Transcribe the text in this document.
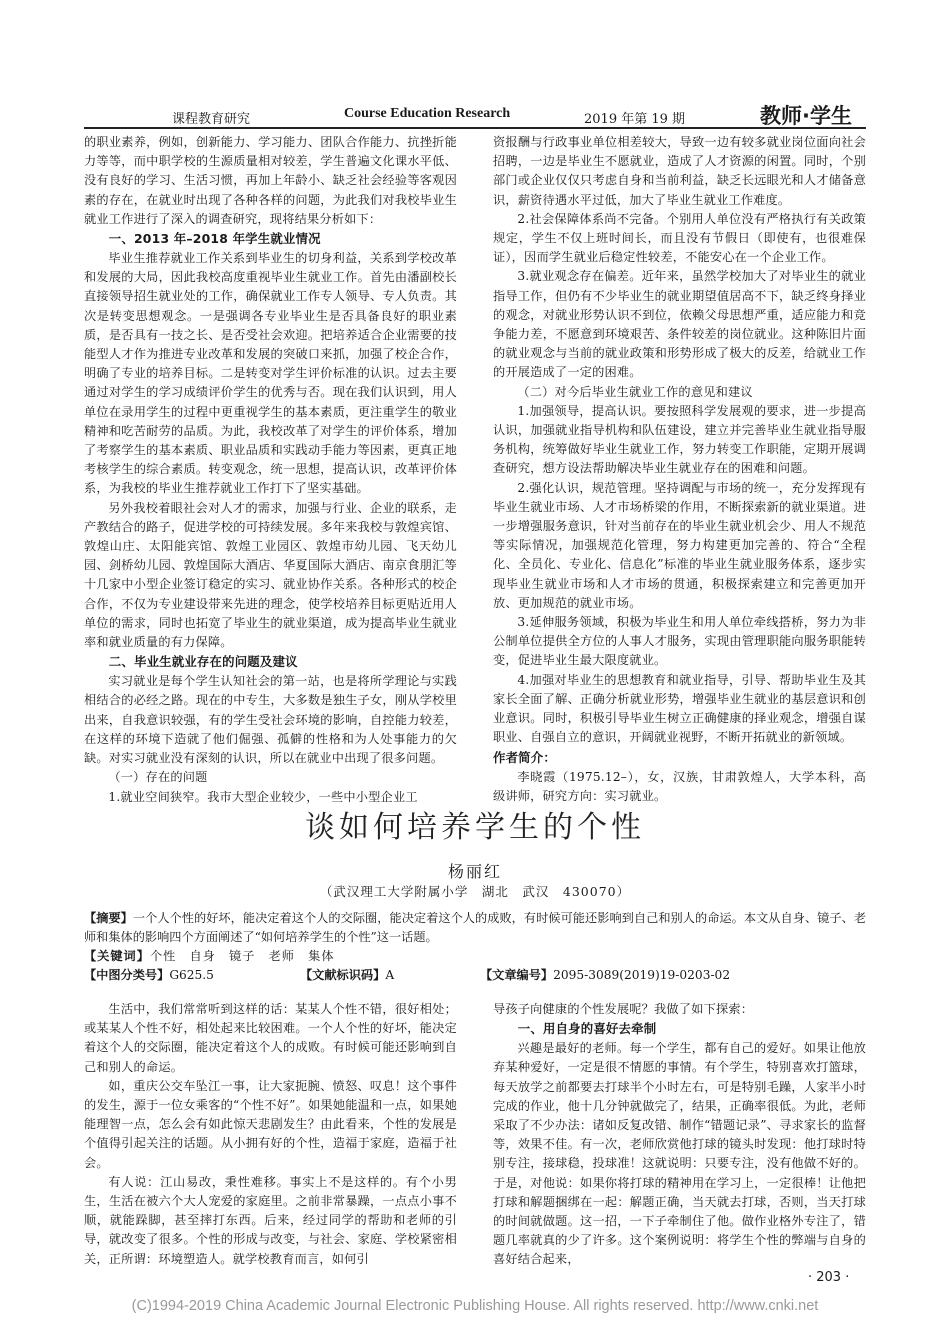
课程教育研究	Course Education Research	2019 年第 19 期	教师·学生

的职业素养，例如，创新能力、学习能力、团队合作能力、抗挫折能力等等，而中职学校的生源质量相对较差，学生普遍文化课水平低、没有良好的学习、生活习惯，再加上年龄小、缺乏社会经验等客观因素的存在，在就业时出现了各种各样的问题，为此我们对我校毕业生就业工作进行了深入的调查研究，现将结果分析如下：

一、2013 年–2018 年学生就业情况

毕业生推荐就业工作关系到毕业生的切身利益，关系到学校改革和发展的大局，因此我校高度重视毕业生就业工作。首先由潘副校长直接领导招生就业处的工作，确保就业工作专人领导、专人负责。其次是转变思想观念。一是强调各专业毕业生是否具备良好的职业素质，是否具有一技之长、是否受社会欢迎。把培养适合企业需要的技能型人才作为推进专业改革和发展的突破口来抓，加强了校企合作，明确了专业的培养目标。二是转变对学生评价标准的认识。过去主要通过对学生的学习成绩评价学生的优秀与否。现在我们认识到，用人单位在录用学生的过程中更重视学生的基本素质，更注重学生的敬业精神和吃苦耐劳的品质。为此，我校改革了对学生的评价体系，增加了考察学生的基本素质、职业品质和实践动手能力等因素，更真正地考核学生的综合素质。转变观念，统一思想，提高认识，改革评价体系，为我校的毕业生推荐就业工作打下了坚实基础。

另外我校着眼社会对人才的需求，加强与行业、企业的联系，走产教结合的路子，促进学校的可持续发展。多年来我校与敦煌宾馆、敦煌山庄、太阳能宾馆、敦煌工业园区、敦煌市幼儿园、飞天幼儿园、剑桥幼儿园、敦煌国际大酒店、华夏国际大酒店、南京食朋汇等十几家中小型企业签订稳定的实习、就业协作关系。各种形式的校企合作，不仅为专业建设带来先进的理念，使学校培养目标更贴近用人单位的需求，同时也拓宽了毕业生的就业渠道，成为提高毕业生就业率和就业质量的有力保障。

二、毕业生就业存在的问题及建议

实习就业是每个学生认知社会的第一站，也是将所学理论与实践相结合的必经之路。现在的中专生，大多数是独生子女，刚从学校里出来，自我意识较强，有的学生受社会环境的影响，自控能力较差，在这样的环境下造就了他们倔强、孤僻的性格和为人处事能力的欠缺。对实习就业没有深刻的认识，所以在就业中出现了很多问题。

（一）存在的问题

1.就业空间狭窄。我市大型企业较少，一些中小型企业工

资报酬与行政事业单位相差较大，导致一边有较多就业岗位面向社会招聘，一边是毕业生不愿就业，造成了人才资源的闲置。同时，个别部门或企业仅仅只考虑自身和当前利益，缺乏长远眼光和人才储备意识，薪资待遇水平过低，加大了毕业生就业工作难度。

2.社会保障体系尚不完备。个别用人单位没有严格执行有关政策规定，学生不仅上班时间长，而且没有节假日（即使有，也很难保证），因而学生就业后稳定性较差，不能安心在一个企业工作。

3.就业观念存在偏差。近年来，虽然学校加大了对毕业生的就业指导工作，但仍有不少毕业生的就业期望值居高不下，缺乏终身择业的观念，对就业形势认识不到位，依赖父母思想严重，适应能力和竞争能力差，不愿意到环境艰苦、条件较差的岗位就业。这种陈旧片面的就业观念与当前的就业政策和形势形成了极大的反差，给就业工作的开展造成了一定的困难。

（二）对今后毕业生就业工作的意见和建议

1.加强领导，提高认识。要按照科学发展观的要求，进一步提高认识，加强就业指导机构和队伍建设，建立并完善毕业生就业指导服务机构，统筹做好毕业生就业工作，努力转变工作职能，定期开展调查研究，想方设法帮助解决毕业生就业存在的困难和问题。

2.强化认识，规范管理。坚持调配与市场的统一，充分发挥现有毕业生就业市场、人才市场桥梁的作用，不断探索新的就业渠道。进一步增强服务意识，针对当前存在的毕业生就业机会少、用人不规范等实际情况，加强规范化管理，努力构建更加完善的、符合“全程化、全员化、专业化、信息化”标准的毕业生就业服务体系，逐步实现毕业生就业市场和人才市场的贯通，积极探索建立和完善更加开放、更加规范的就业市场。

3.延伸服务领域，积极为毕业生和用人单位牵线搭桥，努力为非公制单位提供全方位的人事人才服务，实现由管理职能向服务职能转变，促进毕业生最大限度就业。

4.加强对毕业生的思想教育和就业指导，引导、帮助毕业生及其家长全面了解、正确分析就业形势，增强毕业生就业的基层意识和创业意识。同时，积极引导毕业生树立正确健康的择业观念，增强自谋职业、自强自立的意识，开阔就业视野，不断开拓就业的新领域。

作者简介：

李晓霞（1975.12–），女，汉族，甘肃敦煌人，大学本科，高级讲师，研究方向：实习就业。

谈如何培养学生的个性
杨丽红
（武汉理工大学附属小学　湖北　武汉　430070）
【摘要】一个人个性的好坏，能决定着这个人的交际圈，能决定着这个人的成败，有时候可能还影响到自己和别人的命运。本文从自身、镜子、老师和集体的影响四个方面阐述了“如何培养学生的个性”这一话题。
【关键词】个性　自身　镜子　老师　集体
【中图分类号】G625.5	【文献标识码】A	【文章编号】2095-3089(2019)19-0203-02

生活中，我们常常听到这样的话：某某人个性不错，很好相处；或某某人个性不好，相处起来比较困难。一个人个性的好坏，能决定着这个人的交际圈，能决定着这个人的成败。有时候可能还影响到自己和别人的命运。

如，重庆公交车坠江一事，让大家扼腕、愤怒、叹息！这个事件的发生，源于一位女乘客的“个性不好”。如果她能温和一点，如果她能理智一点，怎么会有如此惊天悲剧发生？由此看来，个性的发展是个值得引起关注的话题。从小拥有好的个性，造福于家庭，造福于社会。

有人说：江山易改，秉性难移。事实上不是这样的。有个小男生，生活在被六个大人宠爱的家庭里。之前非常暴躁，一点点小事不顺，就能跺脚，甚至摔打东西。后来，经过同学的帮助和老师的引导，就改变了很多。个性的形成与改变，与社会、家庭、学校紧密相关，正所谓：环境塑造人。就学校教育而言，如何引

导孩子向健康的个性发展呢？我做了如下探索：

一、用自身的喜好去牵制

兴趣是最好的老师。每一个学生，都有自己的爱好。如果让他放弃某种爱好，一定是很不情愿的事情。有个学生，特别喜欢打篮球，每天放学之前都要去打球半个小时左右，可是特别毛躁，人家半小时完成的作业，他十几分钟就做完了，结果，正确率很低。为此，老师采取了不少办法：诸如反复改错、制作“错题记录”、寻求家长的监督等，效果不佳。有一次，老师欣赏他打球的镜头时发现：他打球时特别专注，接球稳，投球准！这就说明：只要专注，没有他做不好的。于是，对他说：如果你将打球的精神用在学习上，一定很棒！让他把打球和解题捆绑在一起：解题正确，当天就去打球，否则，当天打球的时间就做题。这一招，一下子牵制住了他。做作业格外专注了，错题几率就真的少了许多。这个案例说明：将学生个性的弊端与自身的喜好结合起来，

· 203 ·
(C)1994-2019 China Academic Journal Electronic Publishing House. All rights reserved. http://www.cnki.net
